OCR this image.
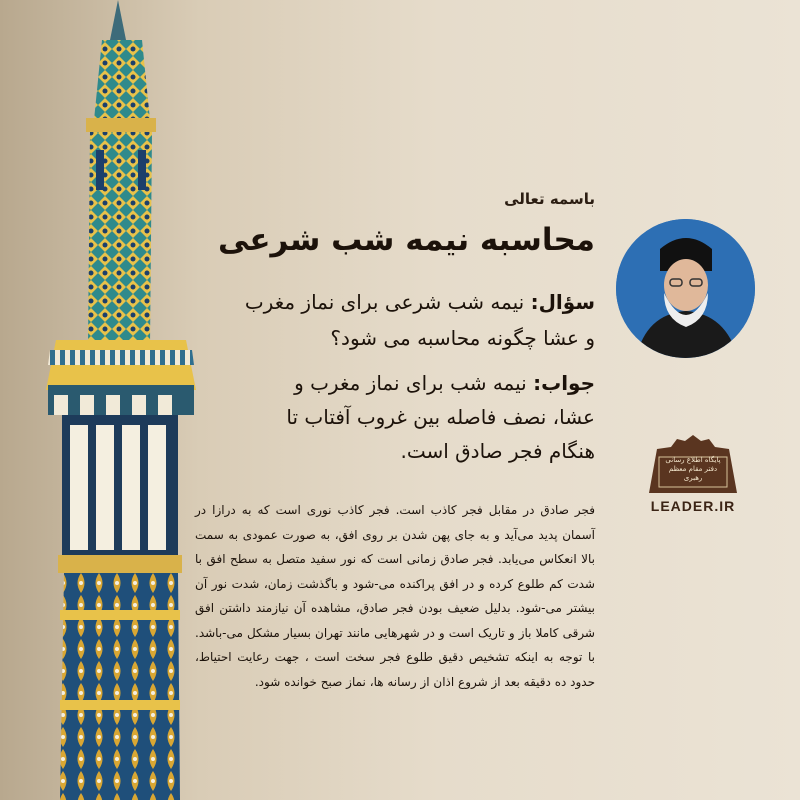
باسمه تعالی
محاسبه نیمه شب شرعی
سؤال: نیمه شب شرعی برای نماز مغرب و عشا چگونه محاسبه می شود؟
جواب: نیمه شب برای نماز مغرب و عشا، نصف فاصله بین غروب آفتاب تا هنگام فجر صادق است.
فجر صادق در مقابل فجر کاذب است. فجر کاذب نوری است که به درازا در آسمان پدید می‌آید و به جای پهن شدن بر روی افق، به صورت عمودی به سمت بالا انعکاس می‌یابد. فجر صادق زمانی است که نور سفید متصل به سطح افق با شدت کم طلوع کرده و در افق پراکنده می-شود و باگذشت زمان، شدت نور آن بیشتر می-شود. بدلیل ضعیف بودن فجر صادق، مشاهده آن نیازمند داشتن افق شرقی کاملا باز و تاریک است و در شهرهایی مانند تهران بسیار مشکل می-باشد. با توجه به اینکه تشخیص دقیق طلوع فجر سخت است ، جهت رعایت احتیاط، حدود ده دقیقه بعد از شروع اذان از رسانه ها، نماز صبح خوانده شود.
پایگاه اطلاع رسانی دفتر مقام معظم رهبری
LEADER.IR
